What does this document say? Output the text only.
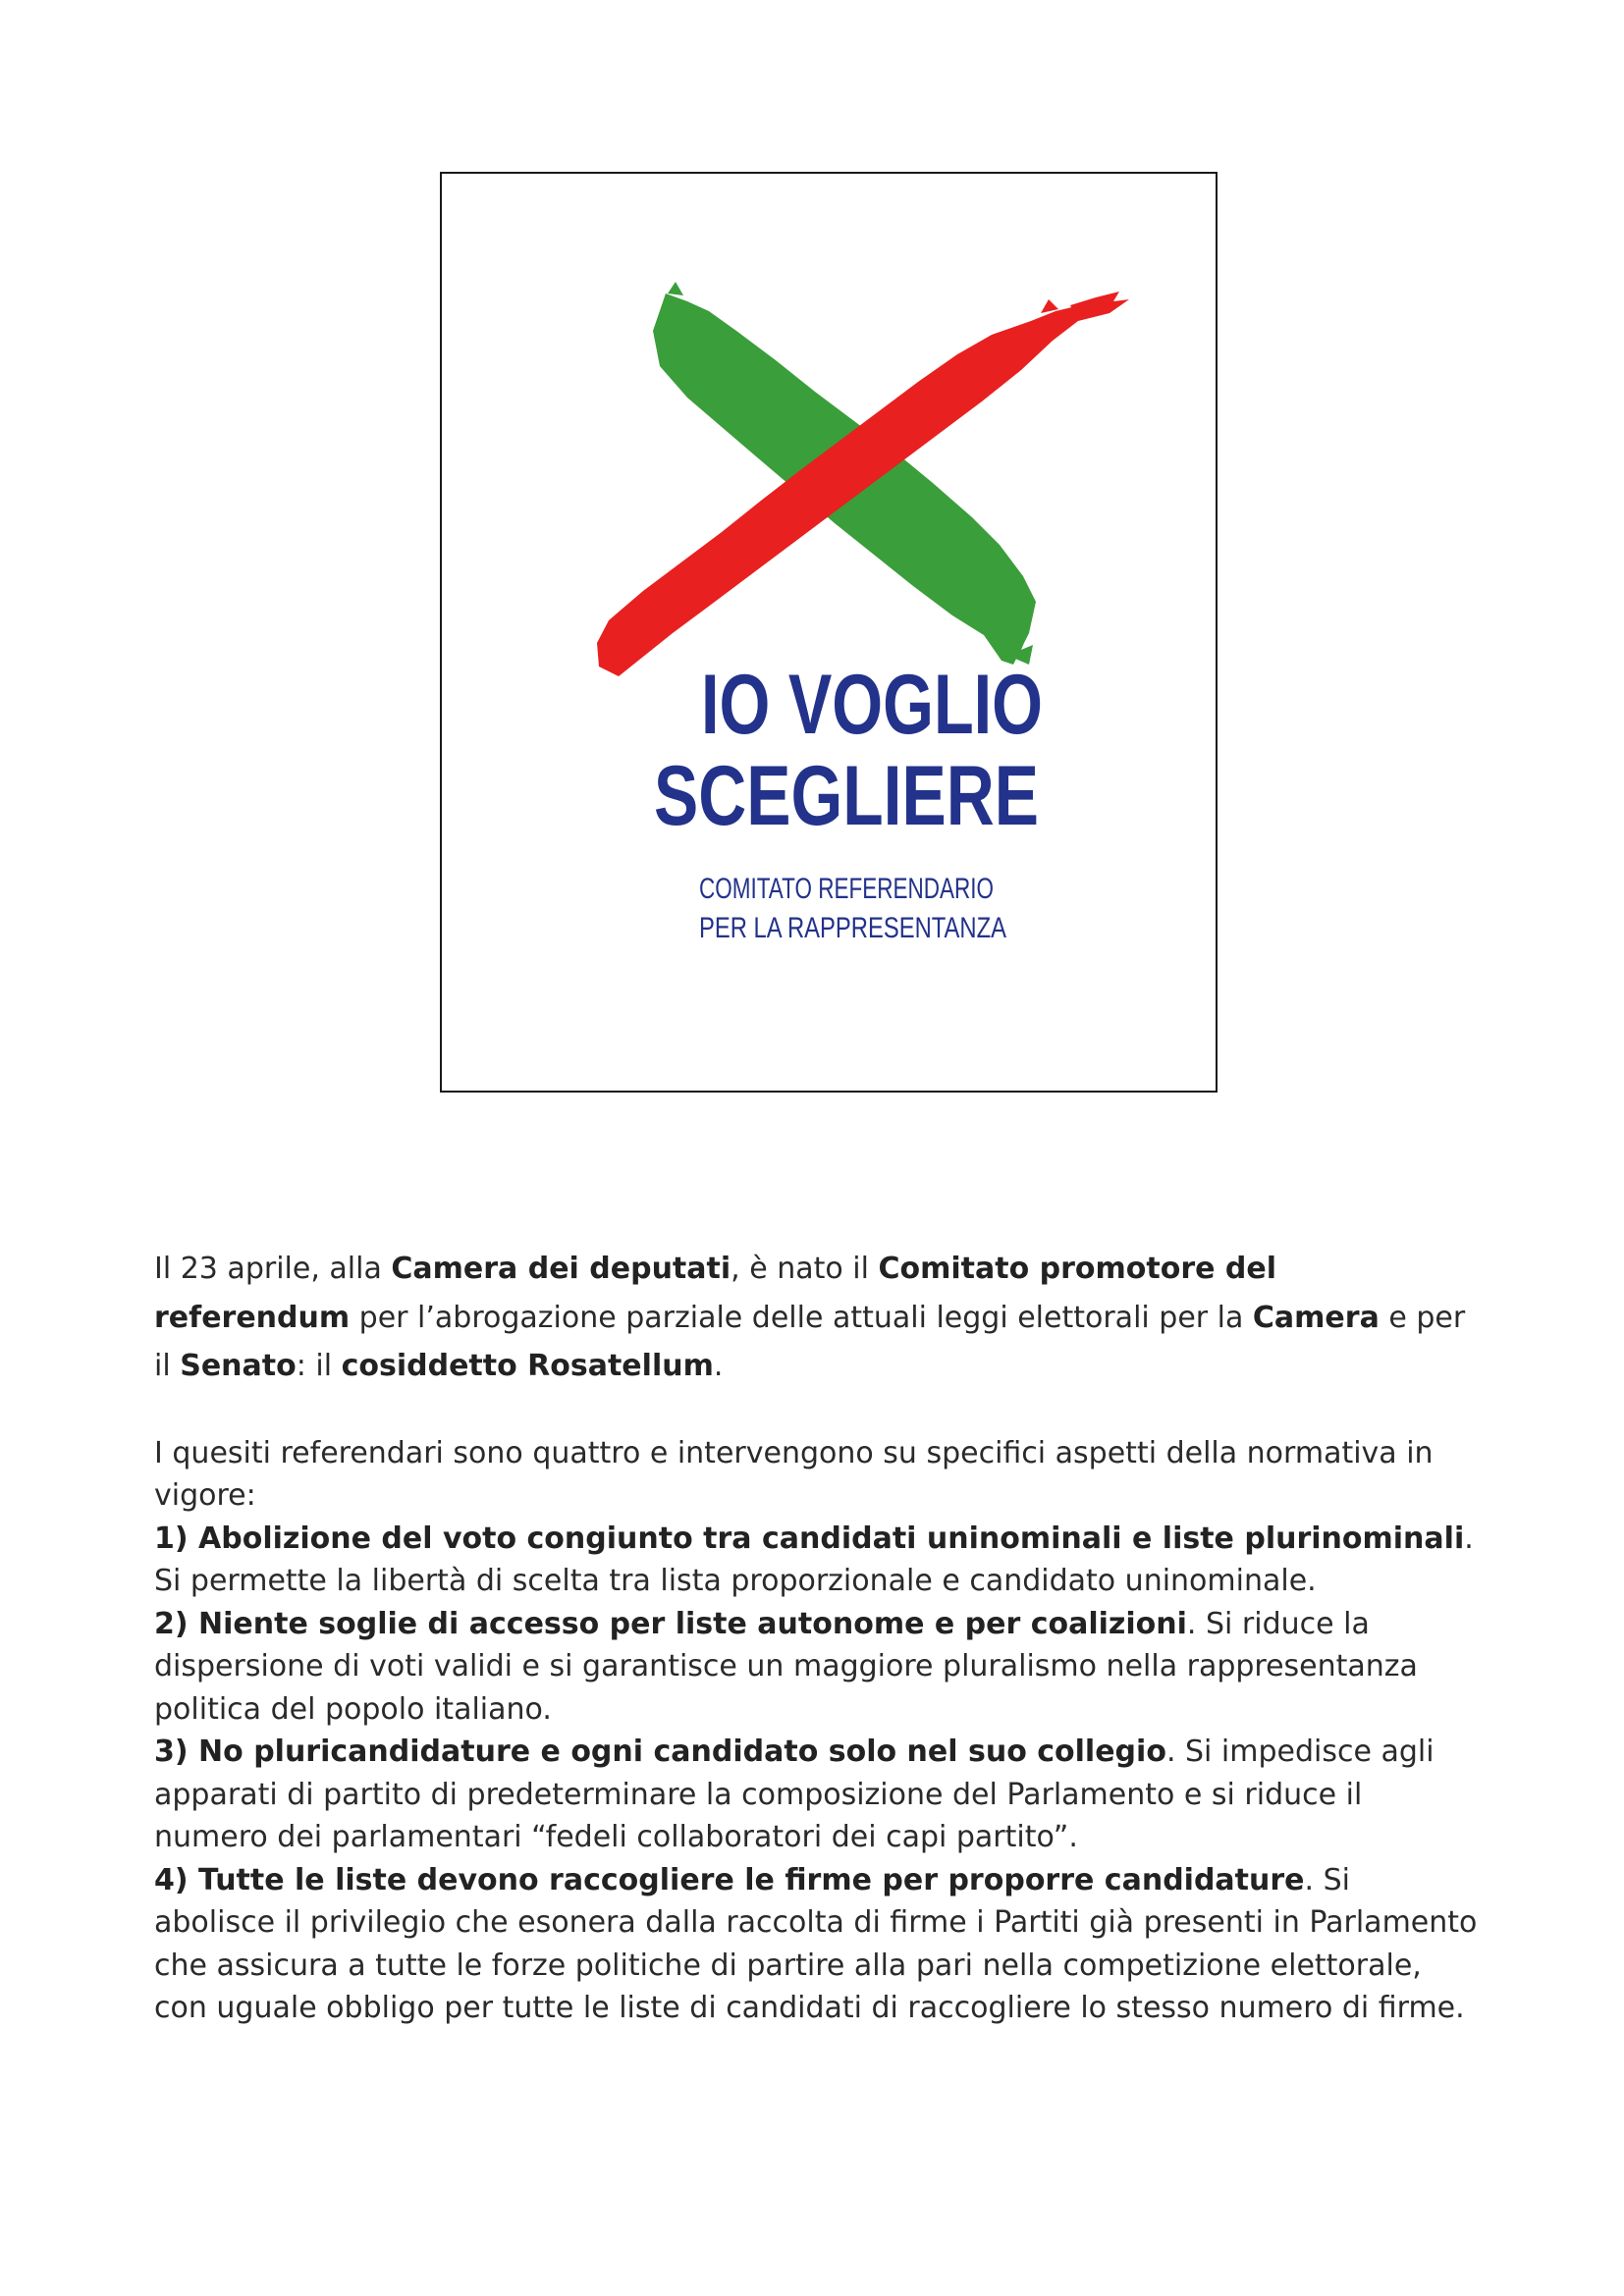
IO VOGLIO
SCEGLIERE
COMITATO REFERENDARIO
PER LA RAPPRESENTANZA

Il 23 aprile, alla Camera dei deputati, è nato il Comitato promotore del referendum per l’abrogazione parziale delle attuali leggi elettorali per la Camera e per il Senato: il cosiddetto Rosatellum.

I quesiti referendari sono quattro e intervengono su specifici aspetti della normativa in vigore:

1) Abolizione del voto congiunto tra candidati uninominali e liste plurinominali. Si permette la libertà di scelta tra lista proporzionale e candidato uninominale.

2) Niente soglie di accesso per liste autonome e per coalizioni. Si riduce la dispersione di voti validi e si garantisce un maggiore pluralismo nella rappresentanza politica del popolo italiano.

3) No pluricandidature e ogni candidato solo nel suo collegio. Si impedisce agli apparati di partito di predeterminare la composizione del Parlamento e si riduce il numero dei parlamentari “fedeli collaboratori dei capi partito”.

4) Tutte le liste devono raccogliere le firme per proporre candidature. Si abolisce il privilegio che esonera dalla raccolta di firme i Partiti già presenti in Parlamento che assicura a tutte le forze politiche di partire alla pari nella competizione elettorale, con uguale obbligo per tutte le liste di candidati di raccogliere lo stesso numero di firme.
